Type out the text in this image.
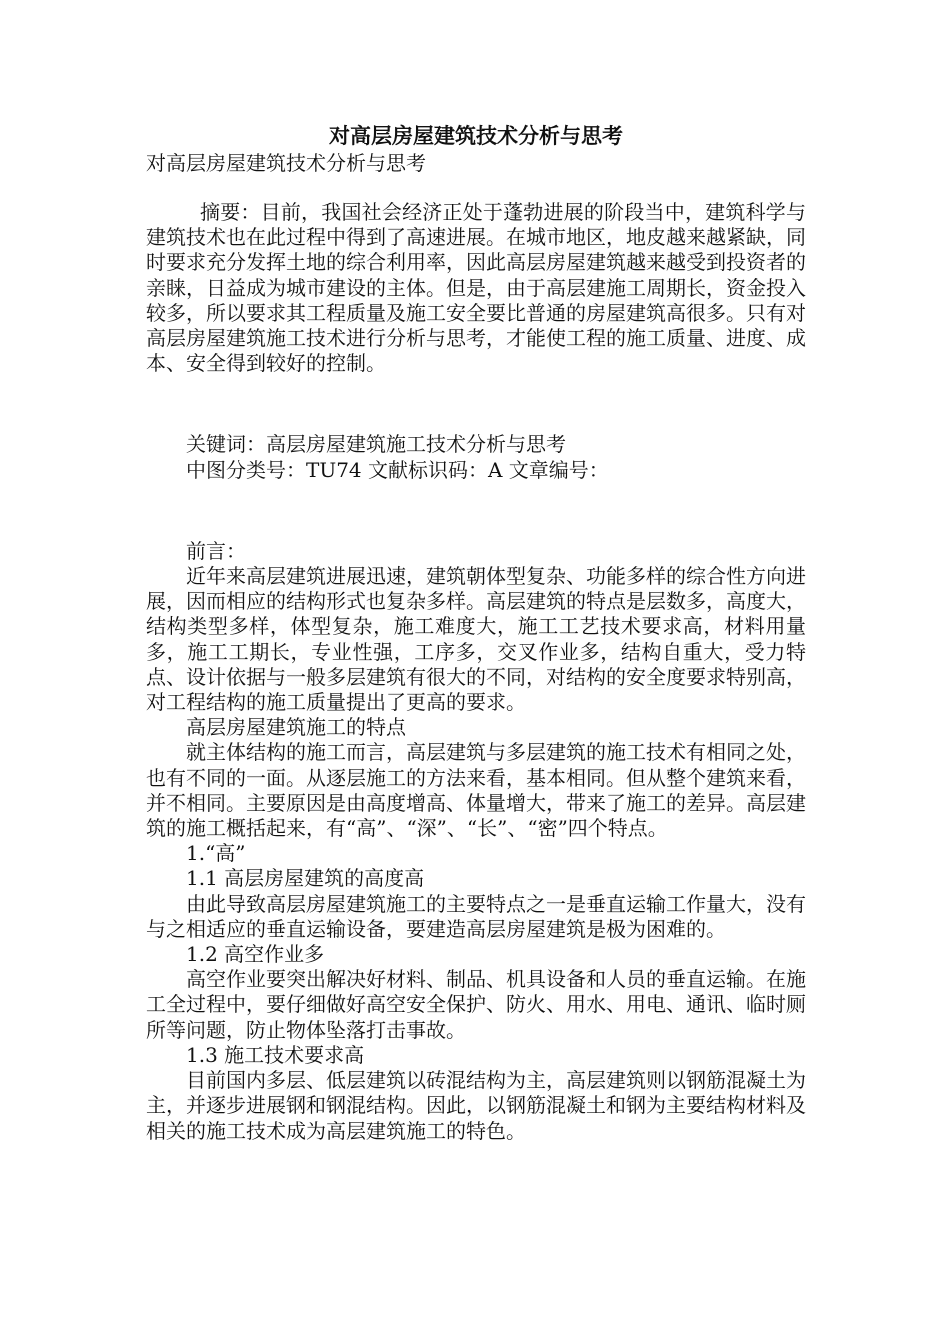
对高层房屋建筑技术分析与思考

对高层房屋建筑技术分析与思考

摘要：目前，我国社会经济正处于蓬勃进展的阶段当中，建筑科学与建筑技术也在此过程中得到了高速进展。在城市地区，地皮越来越紧缺，同时要求充分发挥土地的综合利用率，因此高层房屋建筑越来越受到投资者的亲睐，日益成为城市建设的主体。但是，由于高层建施工周期长，资金投入较多，所以要求其工程质量及施工安全要比普通的房屋建筑高很多。只有对高层房屋建筑施工技术进行分析与思考，才能使工程的施工质量、进度、成本、安全得到较好的控制。

关键词：高层房屋建筑施工技术分析与思考

中图分类号：TU74 文献标识码：A 文章编号：

前言：

近年来高层建筑进展迅速，建筑朝体型复杂、功能多样的综合性方向进展，因而相应的结构形式也复杂多样。高层建筑的特点是层数多，高度大，结构类型多样，体型复杂，施工难度大，施工工艺技术要求高，材料用量多，施工工期长，专业性强，工序多，交叉作业多，结构自重大，受力特点、设计依据与一般多层建筑有很大的不同，对结构的安全度要求特别高，对工程结构的施工质量提出了更高的要求。

高层房屋建筑施工的特点

就主体结构的施工而言，高层建筑与多层建筑的施工技术有相同之处，也有不同的一面。从逐层施工的方法来看，基本相同。但从整个建筑来看，并不相同。主要原因是由高度增高、体量增大，带来了施工的差异。高层建筑的施工概括起来，有“高”、“深”、“长”、“密”四个特点。

1.“高”

1.1 高层房屋建筑的高度高

由此导致高层房屋建筑施工的主要特点之一是垂直运输工作量大，没有与之相适应的垂直运输设备，要建造高层房屋建筑是极为困难的。

1.2 高空作业多

高空作业要突出解决好材料、制品、机具设备和人员的垂直运输。在施工全过程中，要仔细做好高空安全保护、防火、用水、用电、通讯、临时厕所等问题，防止物体坠落打击事故。

1.3 施工技术要求高

目前国内多层、低层建筑以砖混结构为主，高层建筑则以钢筋混凝土为主，并逐步进展钢和钢混结构。因此，以钢筋混凝土和钢为主要结构材料及相关的施工技术成为高层建筑施工的特色。
